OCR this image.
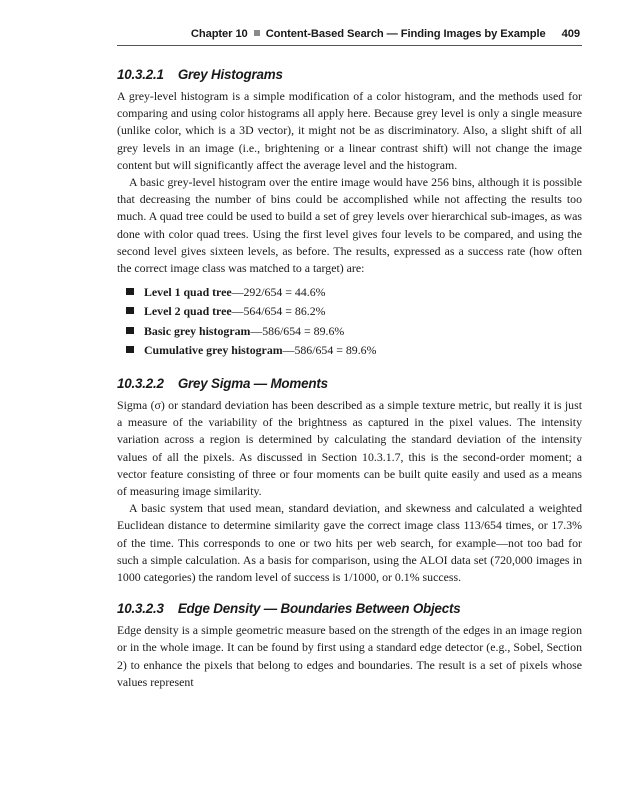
Chapter 10 Content-Based Search — Finding Images by Example 409
10.3.2.1 Grey Histograms

A grey-level histogram is a simple modification of a color histogram, and the methods used for comparing and using color histograms all apply here. Because grey level is only a single measure (unlike color, which is a 3D vector), it might not be as discriminatory. Also, a slight shift of all grey levels in an image (i.e., brightening or a linear contrast shift) will not change the image content but will significantly affect the average level and the histogram.

A basic grey-level histogram over the entire image would have 256 bins, although it is possible that decreasing the number of bins could be accomplished while not affecting the results too much. A quad tree could be used to build a set of grey levels over hierarchical sub-images, as was done with color quad trees. Using the first level gives four levels to be compared, and using the second level gives sixteen levels, as before. The results, expressed as a success rate (how often the correct image class was matched to a target) are:

Level 1 quad tree—292/654 = 44.6%
Level 2 quad tree—564/654 = 86.2%
Basic grey histogram—586/654 = 89.6%
Cumulative grey histogram—586/654 = 89.6%
10.3.2.2 Grey Sigma — Moments

Sigma (σ) or standard deviation has been described as a simple texture metric, but really it is just a measure of the variability of the brightness as captured in the pixel values. The intensity variation across a region is determined by calculating the standard deviation of the intensity values of all the pixels. As discussed in Section 10.3.1.7, this is the second-order moment; a vector feature consisting of three or four moments can be built quite easily and used as a means of measuring image similarity.

A basic system that used mean, standard deviation, and skewness and calculated a weighted Euclidean distance to determine similarity gave the correct image class 113/654 times, or 17.3% of the time. This corresponds to one or two hits per web search, for example—not too bad for such a simple calculation. As a basis for comparison, using the ALOI data set (720,000 images in 1000 categories) the random level of success is 1/1000, or 0.1% success.

10.3.2.3 Edge Density — Boundaries Between Objects

Edge density is a simple geometric measure based on the strength of the edges in an image region or in the whole image. It can be found by first using a standard edge detector (e.g., Sobel, Section 2) to enhance the pixels that belong to edges and boundaries. The result is a set of pixels whose values represent
